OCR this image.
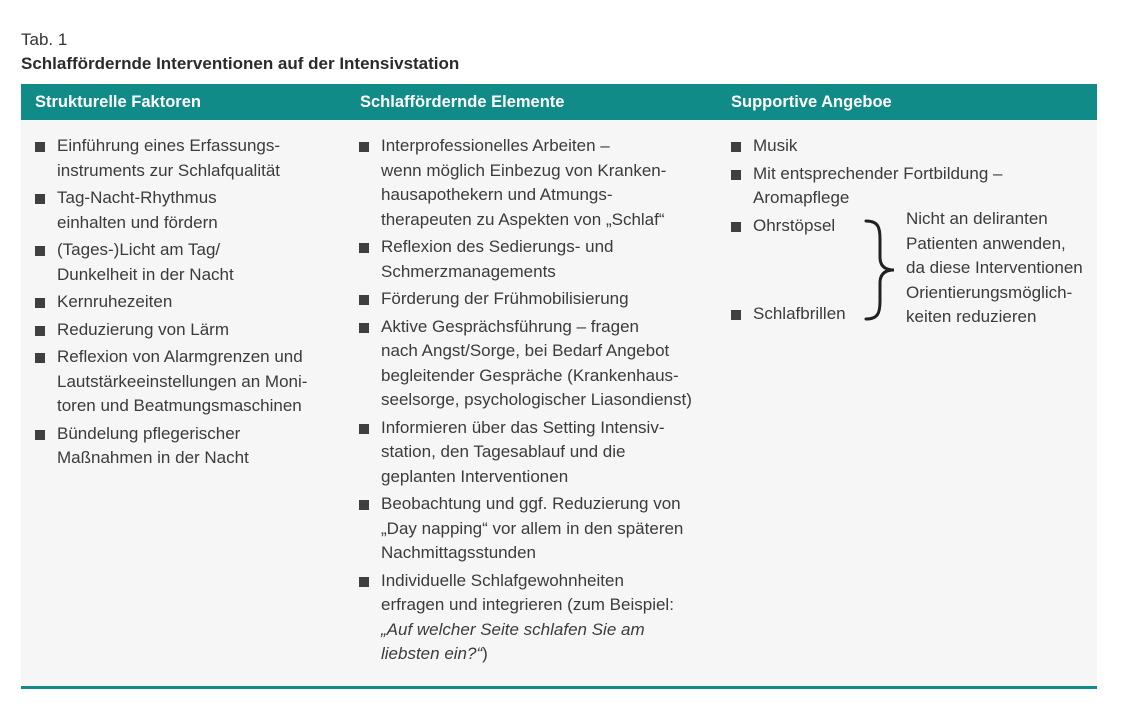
Tab. 1
Schlaffördernde Interventionen auf der Intensivstation
Strukturelle Faktoren	Schlaffördernde Elemente	Supportive Angeboe
Einführung eines Erfassungs-
instruments zur Schlafqualität
Tag-Nacht-Rhythmus
einhalten und fördern
(Tages-)Licht am Tag/
Dunkelheit in der Nacht
Kernruhezeiten
Reduzierung von Lärm
Reflexion von Alarmgrenzen und
Lautstärkeeinstellungen an Moni-
toren und Beatmungsmaschinen
Bündelung pflegerischer
Maßnahmen in der Nacht
Interprofessionelles Arbeiten –
wenn möglich Einbezug von Kranken-
hausapothekern und Atmungs-
therapeuten zu Aspekten von „Schlaf“
Reflexion des Sedierungs- und
Schmerzmanagements
Förderung der Frühmobilisierung
Aktive Gesprächsführung – fragen
nach Angst/Sorge, bei Bedarf Angebot
begleitender Gespräche (Krankenhaus-
seelsorge, psychologischer Liasondienst)
Informieren über das Setting Intensiv-
station, den Tagesablauf und die
geplanten Interventionen
Beobachtung und ggf. Reduzierung von
„Day napping“ vor allem in den späteren
Nachmittagsstunden
Individuelle Schlafgewohnheiten
erfragen und integrieren (zum Beispiel:
„Auf welcher Seite schlafen Sie am
liebsten ein?“)
Musik
Mit entsprechender Fortbildung –
Aromapflege
Ohrstöpsel
Schlafbrillen
Nicht an deliranten
Patienten anwenden,
da diese Interventionen
Orientierungsmöglich-
keiten reduzieren
